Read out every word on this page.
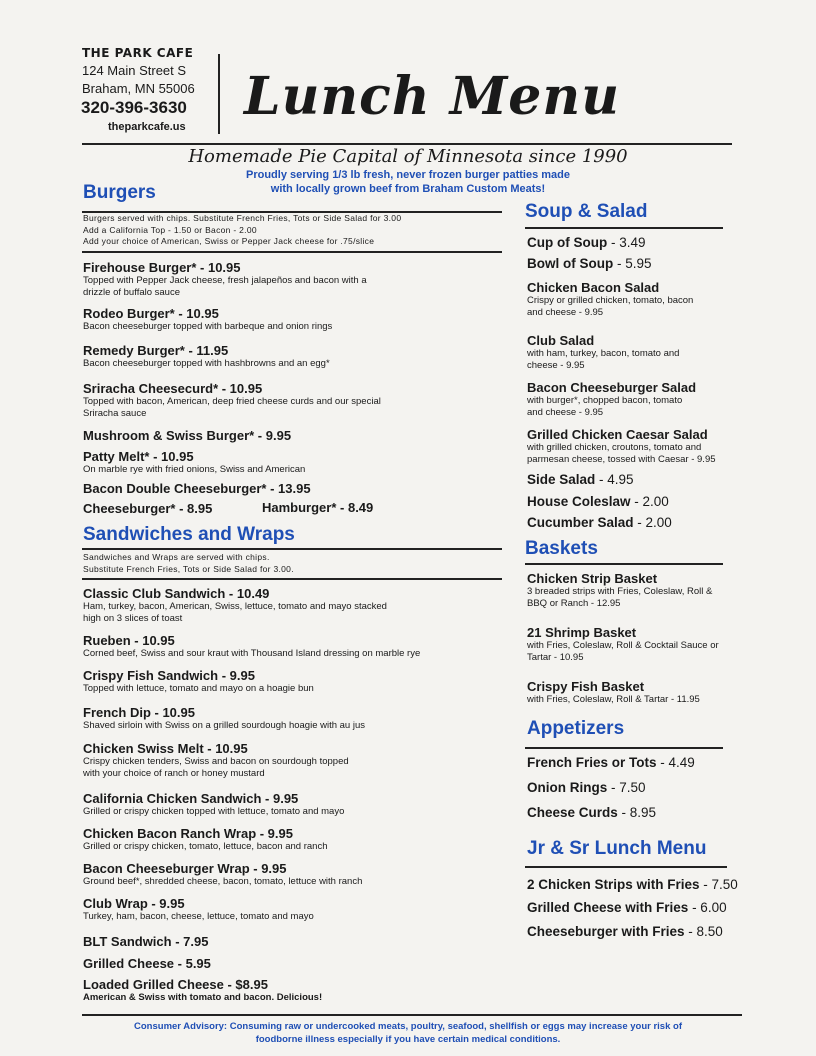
THE PARK CAFE
124 Main Street S
Braham, MN 55006
320-396-3630
theparkcafe.us Lunch Menu
Homemade Pie Capital of Minnesota since 1990
Proudly serving 1/3 lb fresh, never frozen burger patties made
with locally grown beef from Braham Custom Meats!
Burgers
Burgers served with chips. Substitute French Fries, Tots or Side Salad for 3.00
Add a California Top - 1.50 or Bacon - 2.00
Add your choice of American, Swiss or Pepper Jack cheese for .75/slice
Firehouse Burger* - 10.95
Topped with Pepper Jack cheese, fresh jalapeños and bacon with a
drizzle of buffalo sauce
Rodeo Burger* - 10.95
Bacon cheeseburger topped with barbeque and onion rings
Remedy Burger* - 11.95
Bacon cheeseburger topped with hashbrowns and an egg*
Sriracha Cheesecurd* - 10.95
Topped with bacon, American, deep fried cheese curds and our special
Sriracha sauce
Mushroom & Swiss Burger* - 9.95
Patty Melt* - 10.95
On marble rye with fried onions, Swiss and American
Bacon Double Cheeseburger* - 13.95
Cheeseburger* - 8.95	Hamburger* - 8.49
Sandwiches and Wraps
Sandwiches and Wraps are served with chips.
Substitute French Fries, Tots or Side Salad for 3.00.
Classic Club Sandwich - 10.49
Ham, turkey, bacon, American, Swiss, lettuce, tomato and mayo stacked
high on 3 slices of toast
Rueben - 10.95
Corned beef, Swiss and sour kraut with Thousand Island dressing on marble rye
Crispy Fish Sandwich - 9.95
Topped with lettuce, tomato and mayo on a hoagie bun
French Dip - 10.95
Shaved sirloin with Swiss on a grilled sourdough hoagie with au jus
Chicken Swiss Melt - 10.95
Crispy chicken tenders, Swiss and bacon on sourdough topped
with your choice of ranch or honey mustard
California Chicken Sandwich - 9.95
Grilled or crispy chicken topped with lettuce, tomato and mayo
Chicken Bacon Ranch Wrap - 9.95
Grilled or crispy chicken, tomato, lettuce, bacon and ranch
Bacon Cheeseburger Wrap - 9.95
Ground beef*, shredded cheese, bacon, tomato, lettuce with ranch
Club Wrap - 9.95
Turkey, ham, bacon, cheese, lettuce, tomato and mayo
BLT Sandwich - 7.95
Grilled Cheese - 5.95
Loaded Grilled Cheese - $8.95
American & Swiss with tomato and bacon. Delicious!
Soup & Salad
Cup of Soup - 3.49
Bowl of Soup - 5.95
Chicken Bacon Salad
Crispy or grilled chicken, tomato, bacon
and cheese - 9.95
Club Salad
with ham, turkey, bacon, tomato and
cheese - 9.95
Bacon Cheeseburger Salad
with burger*, chopped bacon, tomato
and cheese - 9.95
Grilled Chicken Caesar Salad
with grilled chicken, croutons, tomato and
parmesan cheese, tossed with Caesar - 9.95
Side Salad - 4.95
House Coleslaw - 2.00
Cucumber Salad - 2.00
Baskets
Chicken Strip Basket
3 breaded strips with Fries, Coleslaw, Roll &
BBQ or Ranch - 12.95
21 Shrimp Basket
with Fries, Coleslaw, Roll & Cocktail Sauce or
Tartar - 10.95
Crispy Fish Basket
with Fries, Coleslaw, Roll & Tartar - 11.95
Appetizers
French Fries or Tots - 4.49
Onion Rings - 7.50
Cheese Curds - 8.95
Jr & Sr Lunch Menu
2 Chicken Strips with Fries - 7.50
Grilled Cheese with Fries - 6.00
Cheeseburger with Fries - 8.50
Consumer Advisory: Consuming raw or undercooked meats, poultry, seafood, shellfish or eggs may increase your risk of
foodborne illness especially if you have certain medical conditions.
